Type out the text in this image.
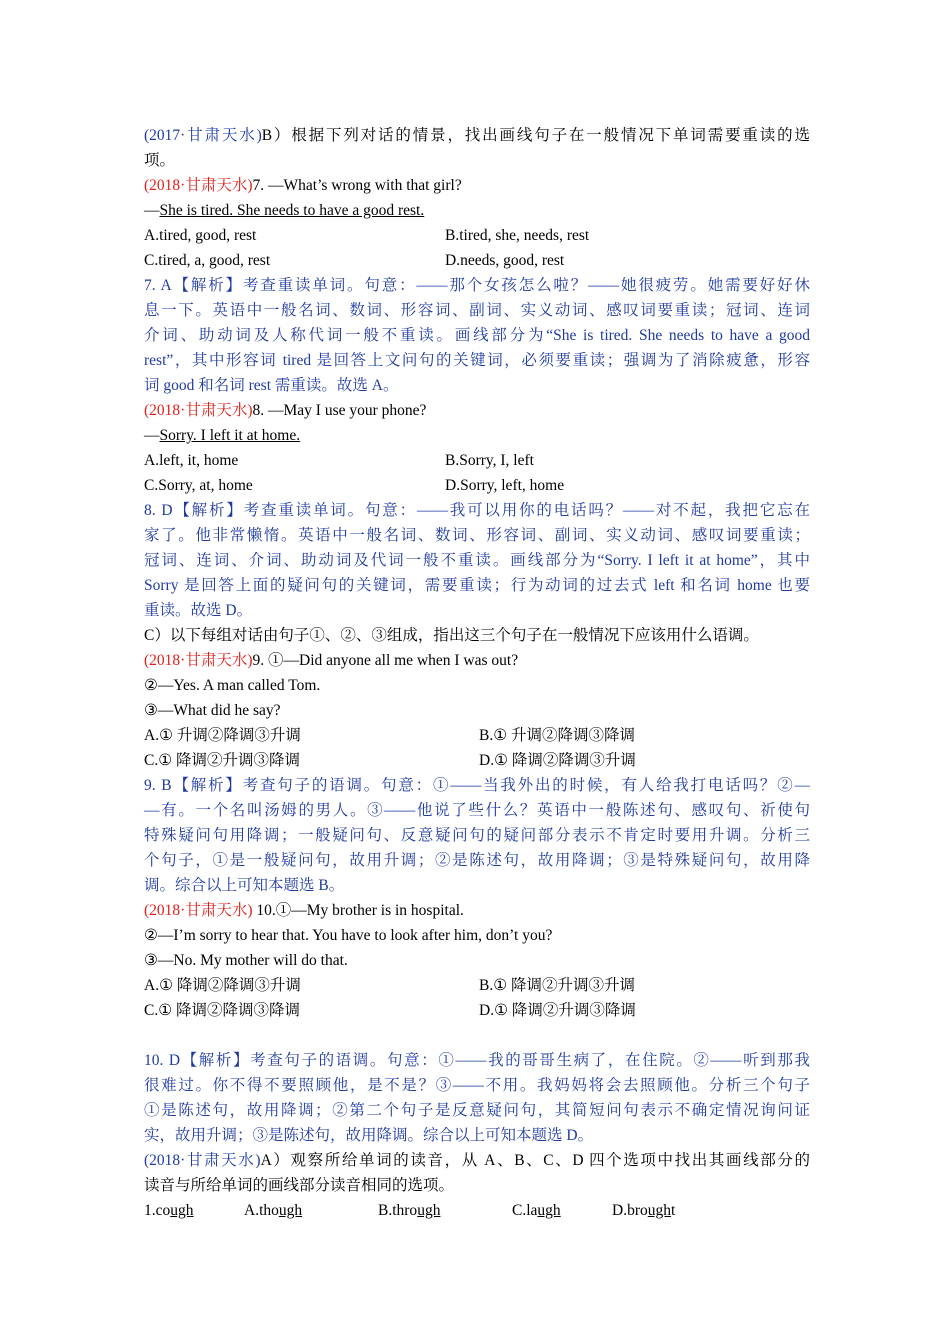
(2017·甘肃天水)B）根据下列对话的情景，找出画线句子在一般情况下单词需要重读的选
项。
(2018·甘肃天水)7. —What’s wrong with that girl?
—She is tired. She needs to have a good rest.
A.tired, good, rest	B.tired, she, needs, rest
C.tired, a, good, rest	D.needs, good, rest
7. A【解析】考查重读单词。句意：——那个女孩怎么啦？——她很疲劳。她需要好好休
息一下。英语中一般名词、数词、形容词、副词、实义动词、感叹词要重读；冠词、连词
介词、助动词及人称代词一般不重读。画线部分为“She is tired. She needs to have a good
rest”，其中形容词 tired 是回答上文问句的关键词，必须要重读；强调为了消除疲惫，形容
词 good 和名词 rest 需重读。故选 A。
(2018·甘肃天水)8. —May I use your phone?
—Sorry. I left it at home.
A.left, it, home	B.Sorry, I, left
C.Sorry, at, home	D.Sorry, left, home
8. D【解析】考查重读单词。句意：——我可以用你的电话吗？——对不起，我把它忘在
家了。他非常懒惰。英语中一般名词、数词、形容词、副词、实义动词、感叹词要重读；
冠词、连词、介词、助动词及代词一般不重读。画线部分为“Sorry. I left it at home”，其中
Sorry 是回答上面的疑问句的关键词，需要重读；行为动词的过去式 left 和名词 home 也要
重读。故选 D。
C）以下每组对话由句子①、②、③组成，指出这三个句子在一般情况下应该用什么语调。
(2018·甘肃天水)9. ①—Did anyone all me when I was out?
②—Yes. A man called Tom.
③—What did he say?
A.① 升调②降调③升调	B.① 升调②降调③降调
C.① 降调②升调③降调	D.① 降调②降调③升调
9. B【解析】考查句子的语调。句意：①——当我外出的时候，有人给我打电话吗？②—
—有。一个名叫汤姆的男人。③——他说了些什么？英语中一般陈述句、感叹句、祈使句
特殊疑问句用降调；一般疑问句、反意疑问句的疑问部分表示不肯定时要用升调。分析三
个句子，①是一般疑问句，故用升调；②是陈述句，故用降调；③是特殊疑问句，故用降
调。综合以上可知本题选 B。
(2018·甘肃天水) 10.①—My brother is in hospital.
②—I’m sorry to hear that. You have to look after him, don’t you?
③—No. My mother will do that.
A.① 降调②降调③升调	B.① 降调②升调③升调
C.① 降调②降调③降调	D.① 降调②升调③降调
10. D【解析】考查句子的语调。句意：①——我的哥哥生病了，在住院。②——听到那我
很难过。你不得不要照顾他，是不是？③——不用。我妈妈将会去照顾他。分析三个句子
①是陈述句，故用降调；②第二个句子是反意疑问句，其简短问句表示不确定情况询问证
实，故用升调；③是陈述句，故用降调。综合以上可知本题选 D。
(2018·甘肃天水)A）观察所给单词的读音，从 A、B、C、D 四个选项中找出其画线部分的
读音与所给单词的画线部分读音相同的选项。
1.cough	A.though	B.through	C.laugh	D.brought
